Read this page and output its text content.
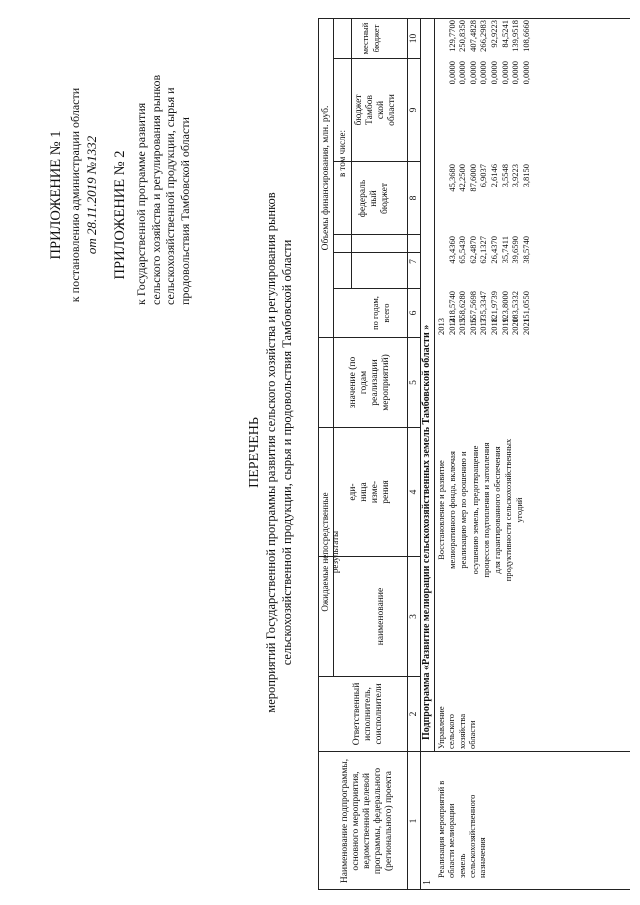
ПРИЛОЖЕНИЕ № 1 к постановлению администрации области от 28.11.2019 №1332 ПРИЛОЖЕНИЕ № 2 к Государственной программе развития сельского хозяйства и регулирования рынков сельскохозяйственной продукции, сырья и продовольствия Тамбовской области
ПЕРЕЧЕНЬ мероприятий Государственной программы развития сельского хозяйства и регулирования рынков сельскохозяйственной продукции, сырья и продовольствия Тамбовской области
Наименование подпрограммы, основного мероприятия, ведомственной целевой программы, федерального (регионального) проекта
Ответственный исполнитель, соисполнители
Ожидаемые непосредственные результаты
наименование
еди- ница изме- рения
значение (по годам реализации мероприятий)
Объемы финансирования, млн. руб.
по годам, всего
в том числе:
федераль ный бюджет
бюджет Тамбов ской области
местный бюджет
1
2
3
4
5
6
7
8
9
10
Подпрограмма «Развитие мелиорации сельскохозяйственных земель Тамбовской области »
1
Реализация мероприятий в области мелиорации земель сельскохозяйственного назначения
Управление сельского хозяйства области
Восстановление и развитие мелиоративного фонда, включая реализацию мер по орошению и осушению земель, предотвращение процессов подтопления и затопления для гарантированного обеспечения продуктивности сельскохозяйственных угодий
2013 2014
218,5740
43,4360
45,3680
0,0000
129,7700
2015
358,6280
65,5430
42,2500
0,0000
250,8350
2016
557,5698
62,4870
87,6000
0,0000
407,4828
2017
335,3347
62,1327
6,9037
0,0000
266,2983
2018
121,9739
26,4370
2,6146
0,0000
92,9223
2019
123,8000
35,7411
3,5548
0,0000
84,5241
2020
183,5332
39,6590
3,9223
0,0000
139,9518
2021
151,0550
38,5740
3,8150
0,0000
108,6660
